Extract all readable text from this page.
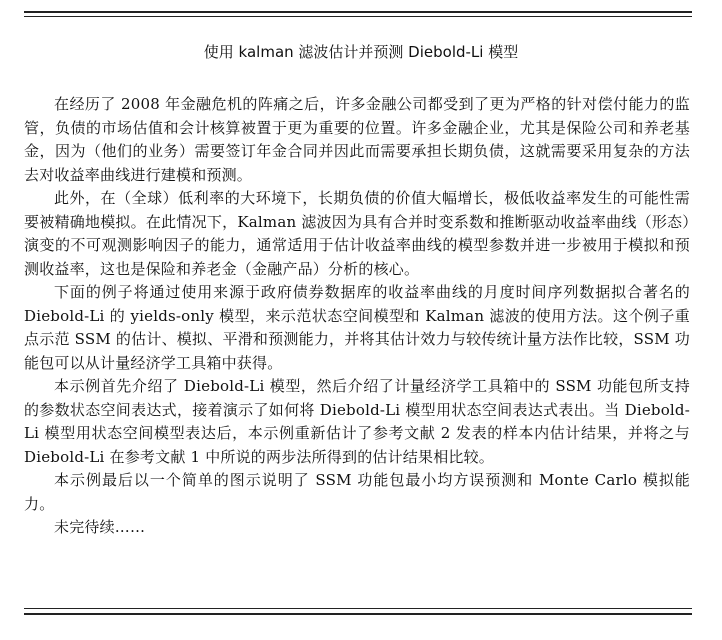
使用 kalman 滤波估计并预测 Diebold-Li 模型

在经历了 2008 年金融危机的阵痛之后，许多金融公司都受到了更为严格的针对偿付能力的监管，负债的市场估值和会计核算被置于更为重要的位置。许多金融企业，尤其是保险公司和养老基金，因为（他们的业务）需要签订年金合同并因此而需要承担长期负债，这就需要采用复杂的方法去对收益率曲线进行建模和预测。

此外，在（全球）低利率的大环境下，长期负债的价值大幅增长，极低收益率发生的可能性需要被精确地模拟。在此情况下，Kalman 滤波因为具有合并时变系数和推断驱动收益率曲线（形态）演变的不可观测影响因子的能力，通常适用于估计收益率曲线的模型参数并进一步被用于模拟和预测收益率，这也是保险和养老金（金融产品）分析的核心。

下面的例子将通过使用来源于政府债券数据库的收益率曲线的月度时间序列数据拟合著名的 Diebold-Li 的 yields-only 模型，来示范状态空间模型和 Kalman 滤波的使用方法。这个例子重点示范 SSM 的估计、模拟、平滑和预测能力，并将其估计效力与较传统计量方法作比较，SSM 功能包可以从计量经济学工具箱中获得。

本示例首先介绍了 Diebold-Li 模型，然后介绍了计量经济学工具箱中的 SSM 功能包所支持的参数状态空间表达式，接着演示了如何将 Diebold-Li 模型用状态空间表达式表出。当 Diebold-Li 模型用状态空间模型表达后，本示例重新估计了参考文献 2 发表的样本内估计结果，并将之与 Diebold-Li 在参考文献 1 中所说的两步法所得到的估计结果相比较。

本示例最后以一个简单的图示说明了 SSM 功能包最小均方误预测和 Monte Carlo 模拟能力。

未完待续……
